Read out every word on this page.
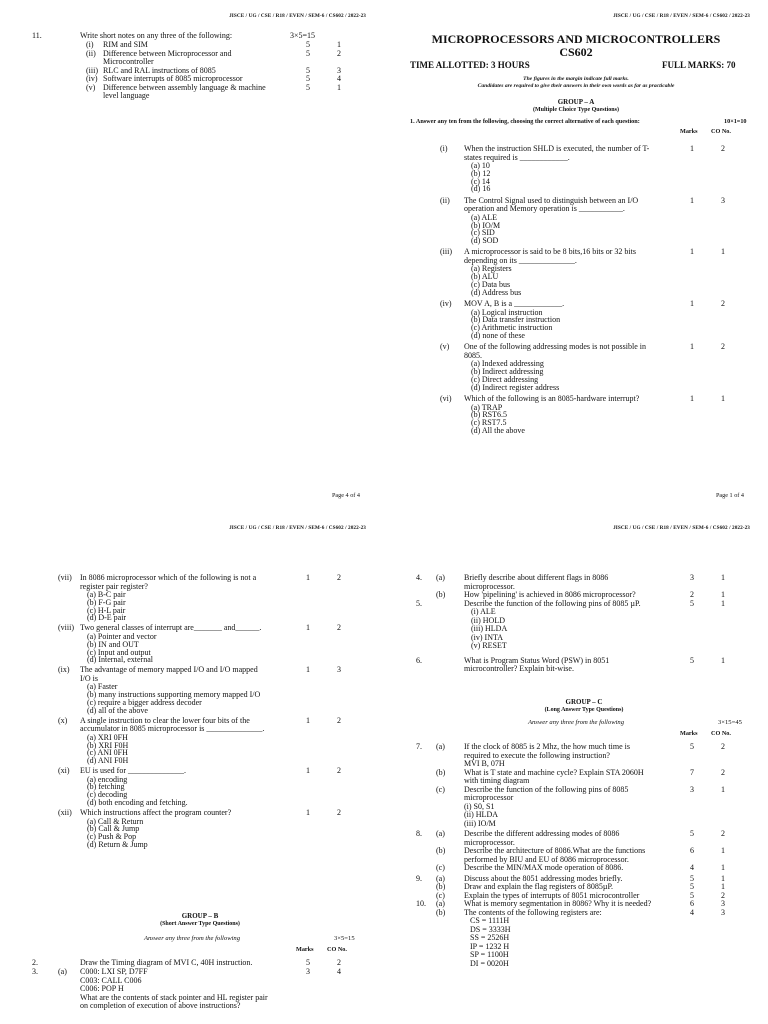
JISCE / UG / CSE / R18 / EVEN / SEM-6 / CS602 / 2022-23
11.	Write short notes on any three of the following:	3×5=15
(i) RIM and SIM	5	1
(ii) Difference between Microprocessor and	5	2
Microcontroller
(iii) RLC and RAL instructions of 8085	5	3
(iv) Software interrupts of 8085 microprocessor	5	4
(v) Difference between assembly language & machine	5	1
level language
Page 4 of 4
JISCE / UG / CSE / R18 / EVEN / SEM-6 / CS602 / 2022-23
MICROPROCESSORS AND MICROCONTROLLERS
CS602
TIME ALLOTTED: 3 HOURS	FULL MARKS: 70
The figures in the margin indicate full marks.
Candidates are required to give their answers in their own words as far as practicable
GROUP – A
(Multiple Choice Type Questions)
1. Answer any ten from the following, choosing the correct alternative of each question:	10×1=10
Marks CO No.
(i) When the instruction SHLD is executed, the number of T-	1	2
states required is ____________.
(a) 10
(b) 12
(c) 14
(d) 16
(ii) The Control Signal used to distinguish between an I/O	1	3
operation and Memory operation is ___________.
(a) ALE
(b) IO/M
(c) SID
(d) SOD
(iii) A microprocessor is said to be 8 bits,16 bits or 32 bits	1	1
depending on its ______________.
(a) Registers
(b) ALU
(c) Data bus
(d) Address bus
(iv) MOV A, B is a ____________.	1	2
(a) Logical instruction
(b) Data transfer instruction
(c) Arithmetic instruction
(d) none of these
(v) One of the following addressing modes is not possible in	1	2
8085.
(a) Indexed addressing
(b) Indirect addressing
(c) Direct addressing
(d) Indirect register address
(vi) Which of the following is an 8085-hardware interrupt?	1	1
(a) TRAP
(b) RST6.5
(c) RST7.5
(d) All the above
Page 1 of 4
JISCE / UG / CSE / R18 / EVEN / SEM-6 / CS602 / 2022-23
(vii) In 8086 microprocessor which of the following is not a	1	2
register pair register?
(a) B-C pair
(b) F-G pair
(c) H-L pair
(d) D-E pair
(viii) Two general classes of interrupt are_______ and______.	1	2
(a) Pointer and vector
(b) IN and OUT
(c) Input and output
(d) Internal, external
(ix) The advantage of memory mapped I/O and I/O mapped	1	3
I/O is
(a) Faster
(b) many instructions supporting memory mapped I/O
(c) require a bigger address decoder
(d) all of the above
(x) A single instruction to clear the lower four bits of the	1	2
accumulator in 8085 microprocessor is ______________.
(a) XRI 0FH
(b) XRI F0H
(c) ANI 0FH
(d) ANI F0H
(xi) EU is used for ______________.	1	2
(a) encoding
(b) fetching
(c) decoding
(d) both encoding and fetching.
(xii) Which instructions affect the program counter?	1	2
(a) Call & Return
(b) Call & Jump
(c) Push & Pop
(d) Return & Jump
GROUP – B
(Short Answer Type Questions)
Answer any three from the following	3×5=15
Marks CO No.
2.	Draw the Timing diagram of MVI C, 40H instruction.	5	2
3.	(a)	3	4
C000: LXI SP, D7FF
C003: CALL C006
C006: POP H
What are the contents of stack pointer and HL register pair
on completion of execution of above instructions?
JISCE / UG / CSE / R18 / EVEN / SEM-6 / CS602 / 2022-23
4. (a) Briefly describe about different flags in 8086	3	1
microprocessor.
(b) How 'pipelining' is achieved in 8086 microprocessor?	2	1
5.	Describe the function of the following pins of 8085 µP.	5	1
(i) ALE
(ii) HOLD
(iii) HLDA
(iv) INTA
(v) RESET
6.	What is Program Status Word (PSW) in 8051	5	1
microcontroller? Explain bit-wise.
7. (a)	5	2
If the clock of 8085 is 2 Mhz, the how much time is
required to execute the following instruction?
MVI B, 07H
(b)	7	2
What is T state and machine cycle? Explain STA 2060H
with timing diagram
(c)	3	1
Describe the function of the following pins of 8085
microprocessor
(i) S0, S1
(ii) HLDA
(iii) IO/M
8. (a)	5	2
Describe the different addressing modes of 8086
microprocessor.
(b)	6	1
Describe the architecture of 8086.What are the functions
performed by BIU and EU of 8086 microprocessor.
(c)	4	1
Describe the MIN/MAX mode operation of 8086.
9. (a)	5	1
Discuss about the 8051 addressing modes briefly.
(b)	5	1
Draw and explain the flag registers of 8085µP.
(c)	5	2
Explain the types of interrupts of 8051 microcontroller
10. (a)	6	3
What is memory segmentation in 8086? Why it is needed?
(b)	4	3
The contents of the following registers are:
CS = 1111H
DS = 3333H
SS = 2526H
IP = 1232 H
SP = 1100H
DI = 0020H
GROUP – C
(Long Answer Type Questions)
Answer any three from the following	3×15=45
Marks CO No.
